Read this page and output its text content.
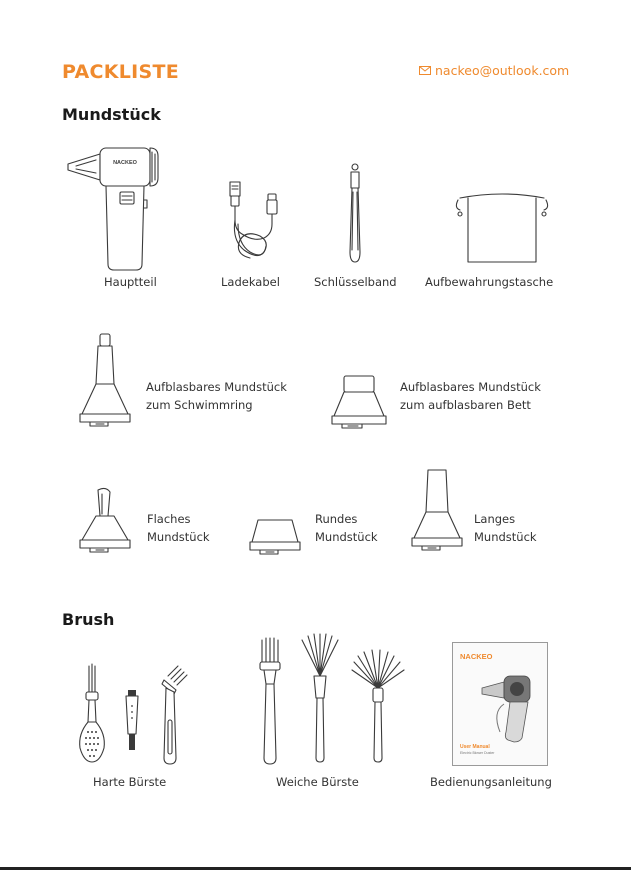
PACKLISTE	nackeo@outlook.com
Mundstück
NACKEO
Hauptteil	Ladekabel	Schlüsselband Aufbewahrungstasche
Aufblasbares Mundstück
zum Schwimmring
Aufblasbares Mundstück
zum aufblasbaren Bett
Flaches
Mundstück
Rundes
Mundstück
Langes
Mundstück
Brush
Harte Bürste	Weiche Bürste
NACKEO
User Manual
Electric Blower Duster
Bedienungsanleitung
